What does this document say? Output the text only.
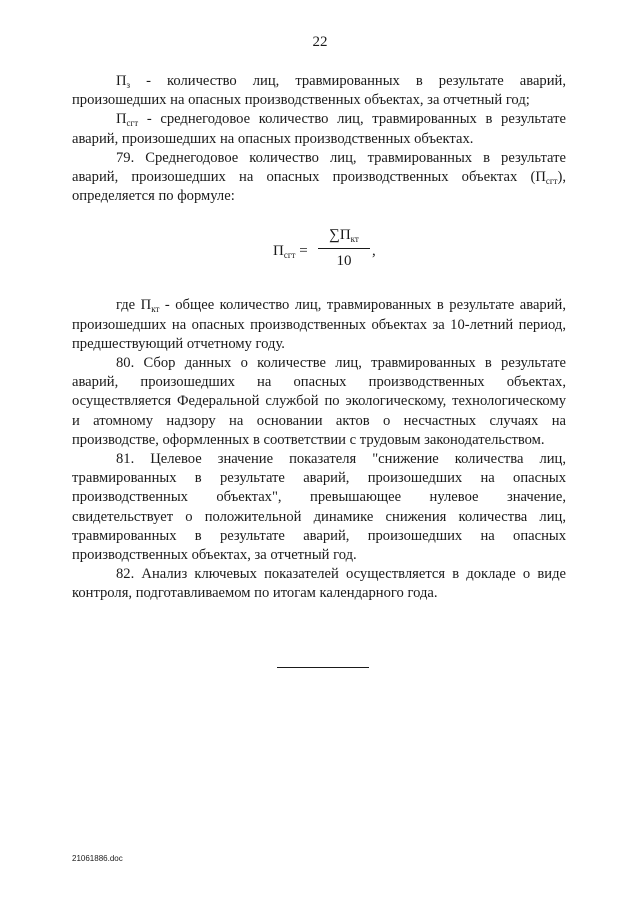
22

$П_з$ - количество лиц, травмированных в результате аварий, произошедших на опасных производственных объектах, за отчетный год;

$П_{сгт}$ - среднегодовое количество лиц, травмированных в результате аварий, произошедших на опасных производственных объектах.

79. Среднегодовое количество лиц, травмированных в результате аварий, произошедших на опасных производственных объектах $(П_{сгт})$, определяется по формуле:

$П_{сгт}$ =
$\sum П_{кт}$
10
,

где $П_{кт}$ - общее количество лиц, травмированных в результате аварий, произошедших на опасных производственных объектах за 10-летний период, предшествующий отчетному году.

80. Сбор данных о количестве лиц, травмированных в результате аварий, произошедших на опасных производственных объектах, осуществляется Федеральной службой по экологическому, технологическому и атомному надзору на основании актов о несчастных случаях на производстве, оформленных в соответствии с трудовым законодательством.

81. Целевое значение показателя "снижение количества лиц, травмированных в результате аварий, произошедших на опасных производственных объектах", превышающее нулевое значение, свидетельствует о положительной динамике снижения количества лиц, травмированных в результате аварий, произошедших на опасных производственных объектах, за отчетный год.

82. Анализ ключевых показателей осуществляется в докладе о виде контроля, подготавливаемом по итогам календарного года.

21061886.doc
